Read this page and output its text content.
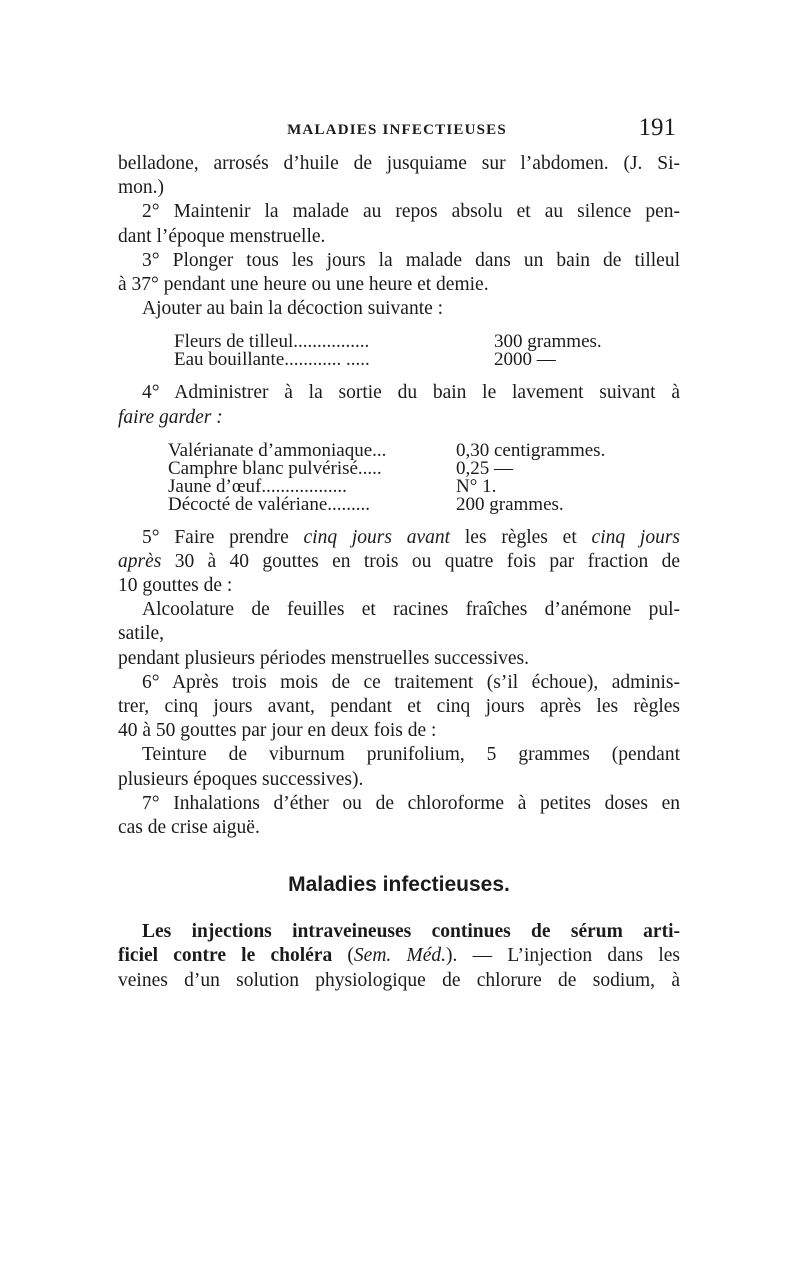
MALADIES INFECTIEUSES	191
belladone, arrosés d’huile de jusquiame sur l’abdomen. (J. Si-
mon.)
2° Maintenir la malade au repos absolu et au silence pen-
dant l’époque menstruelle.
3° Plonger tous les jours la malade dans un bain de tilleul
à 37° pendant une heure ou une heure et demie.
Ajouter au bain la décoction suivante :
Fleurs de tilleul................	300 grammes.
Eau bouillante............ .....	2000 —
4° Administrer à la sortie du bain le lavement suivant à
faire garder :
Valérianate d’ammoniaque...	0,30 centigrammes.
Camphre blanc pulvérisé.....	0,25 —
Jaune d’œuf..................	N° 1.
Décocté de valériane.........	200 grammes.
5° Faire prendre cinq jours avant les règles et cinq jours
après 30 à 40 gouttes en trois ou quatre fois par fraction de
10 gouttes de :
Alcoolature de feuilles et racines fraîches d’anémone pul-
satile,
pendant plusieurs périodes menstruelles successives.
6° Après trois mois de ce traitement (s’il échoue), adminis-
trer, cinq jours avant, pendant et cinq jours après les règles
40 à 50 gouttes par jour en deux fois de :
Teinture de viburnum prunifolium, 5 grammes (pendant
plusieurs époques successives).
7° Inhalations d’éther ou de chloroforme à petites doses en
cas de crise aiguë.
Maladies infectieuses.
Les injections intraveineuses continues de sérum arti-
ficiel contre le choléra (Sem. Méd.). — L’injection dans les
veines d’un solution physiologique de chlorure de sodium, à
